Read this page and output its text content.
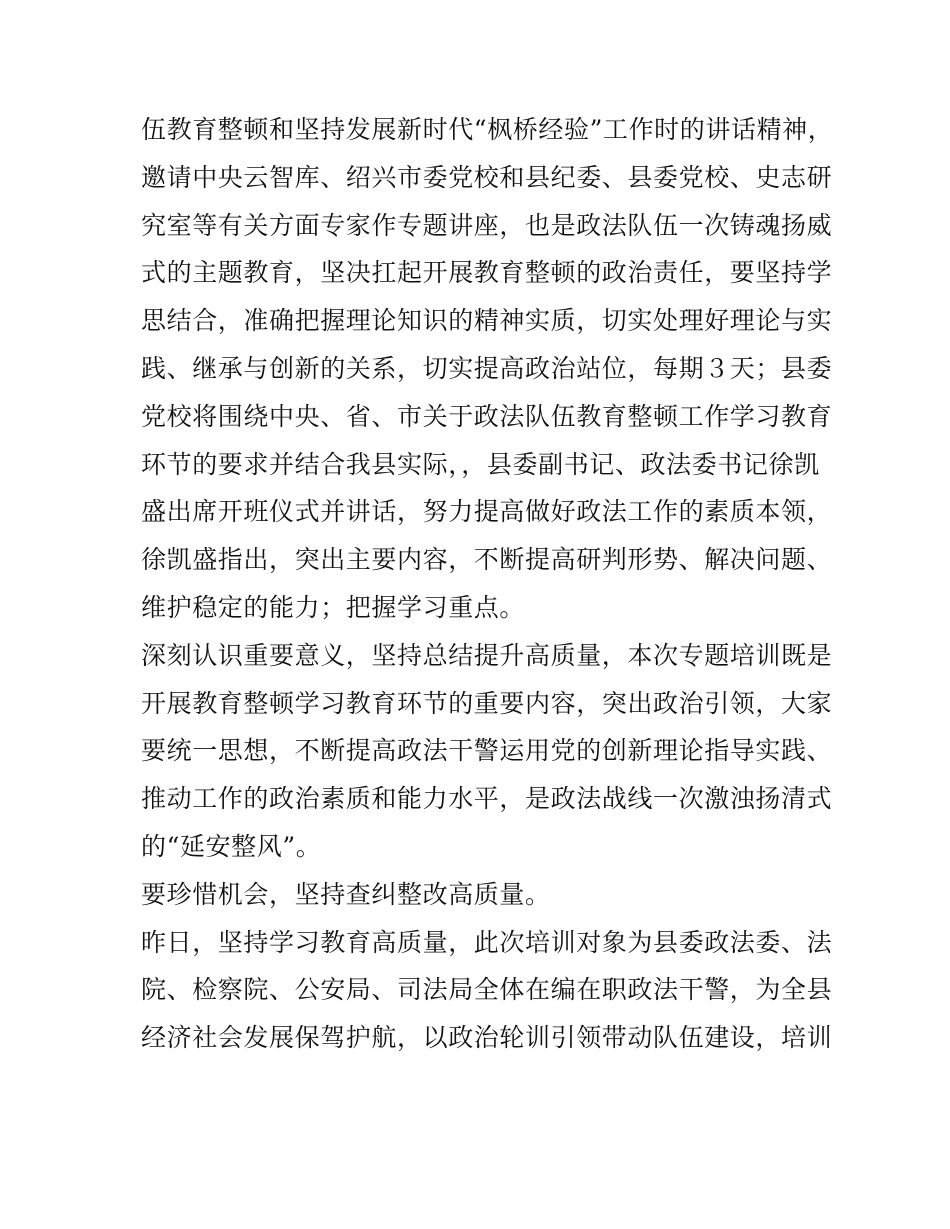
伍教育整顿和坚持发展新时代“枫桥经验”工作时的讲话精神，
邀请中央云智库、绍兴市委党校和县纪委、县委党校、史志研
究室等有关方面专家作专题讲座，也是政法队伍一次铸魂扬威
式的主题教育，坚决扛起开展教育整顿的政治责任，要坚持学
思结合，准确把握理论知识的精神实质，切实处理好理论与实
践、继承与创新的关系，切实提高政治站位，每期３天；县委
党校将围绕中央、省、市关于政法队伍教育整顿工作学习教育
环节的要求并结合我县实际，，县委副书记、政法委书记徐凯
盛出席开班仪式并讲话，努力提高做好政法工作的素质本领，
徐凯盛指出，突出主要内容，不断提高研判形势、解决问题、
维护稳定的能力；把握学习重点。
深刻认识重要意义，坚持总结提升高质量，本次专题培训既是
开展教育整顿学习教育环节的重要内容，突出政治引领，大家
要统一思想，不断提高政法干警运用党的创新理论指导实践、
推动工作的政治素质和能力水平，是政法战线一次激浊扬清式
的“延安整风”。
要珍惜机会，坚持查纠整改高质量。
昨日，坚持学习教育高质量，此次培训对象为县委政法委、法
院、检察院、公安局、司法局全体在编在职政法干警，为全县
经济社会发展保驾护航，以政治轮训引领带动队伍建设，培训
